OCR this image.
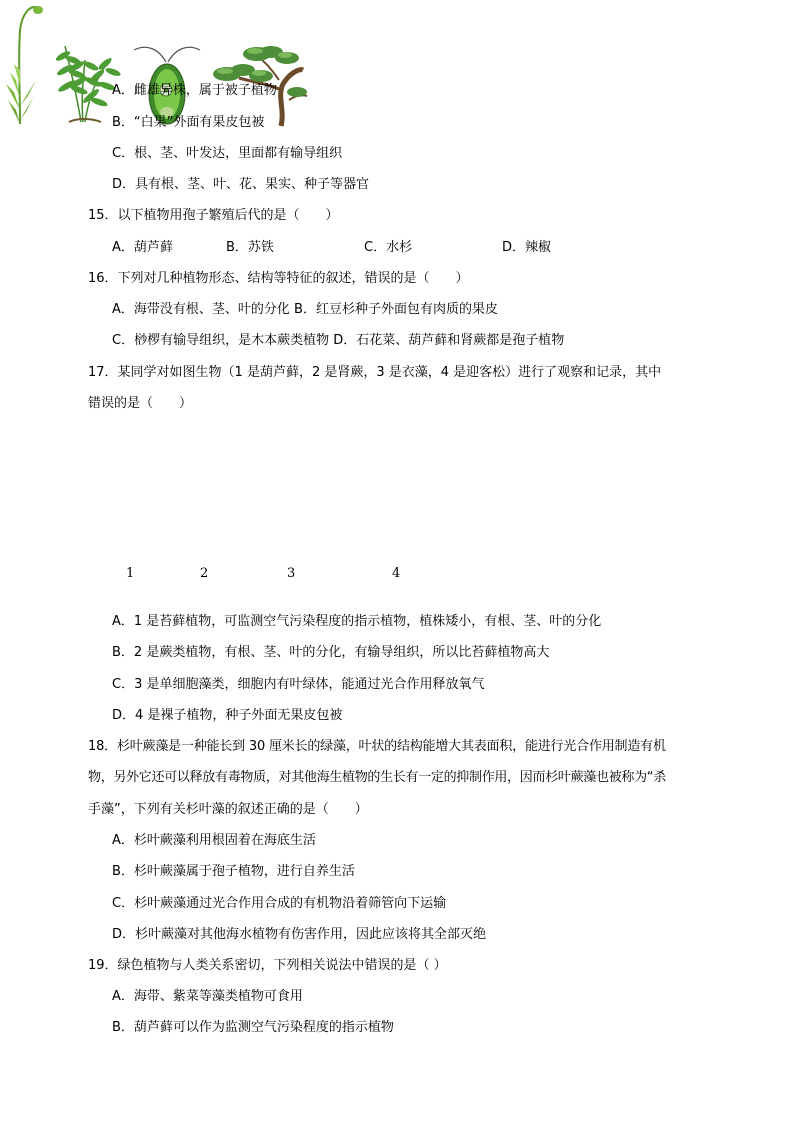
A．雌雄异株，属于被子植物
B．“白果”外面有果皮包被
C．根、茎、叶发达，里面都有输导组织
D．具有根、茎、叶、花、果实、种子等器官
15．以下植物用孢子繁殖后代的是（　　）
A．葫芦藓	B．苏铁	C．水杉	D．辣椒
16．下列对几种植物形态、结构等特征的叙述，错误的是（　　）
A．海带没有根、茎、叶的分化 B．红豆杉种子外面包有肉质的果皮
C．桫椤有输导组织，是木本蕨类植物 D．石花菜、葫芦藓和肾蕨都是孢子植物
17．某同学对如图生物（1 是葫芦藓，2 是肾蕨，3 是衣藻，4 是迎客松）进行了观察和记录，其中
错误的是（　　）

1	2	3	4
A．1 是苔藓植物，可监测空气污染程度的指示植物，植株矮小，有根、茎、叶的分化
B．2 是蕨类植物，有根、茎、叶的分化，有输导组织，所以比苔藓植物高大
C．3 是单细胞藻类，细胞内有叶绿体，能通过光合作用释放氧气
D．4 是裸子植物，种子外面无果皮包被
18．杉叶蕨藻是一种能长到 30 厘米长的绿藻，叶状的结构能增大其表面积，能进行光合作用制造有机
物，另外它还可以释放有毒物质，对其他海生植物的生长有一定的抑制作用，因而杉叶蕨藻也被称为“杀
手藻”，下列有关杉叶藻的叙述正确的是（　　）
A．杉叶蕨藻利用根固着在海底生活
B．杉叶蕨藻属于孢子植物，进行自养生活
C．杉叶蕨藻通过光合作用合成的有机物沿着筛管向下运输
D．杉叶蕨藻对其他海水植物有伤害作用，因此应该将其全部灭绝
19．绿色植物与人类关系密切，下列相关说法中错误的是（ ）
A．海带、紫菜等藻类植物可食用
B．葫芦藓可以作为监测空气污染程度的指示植物
